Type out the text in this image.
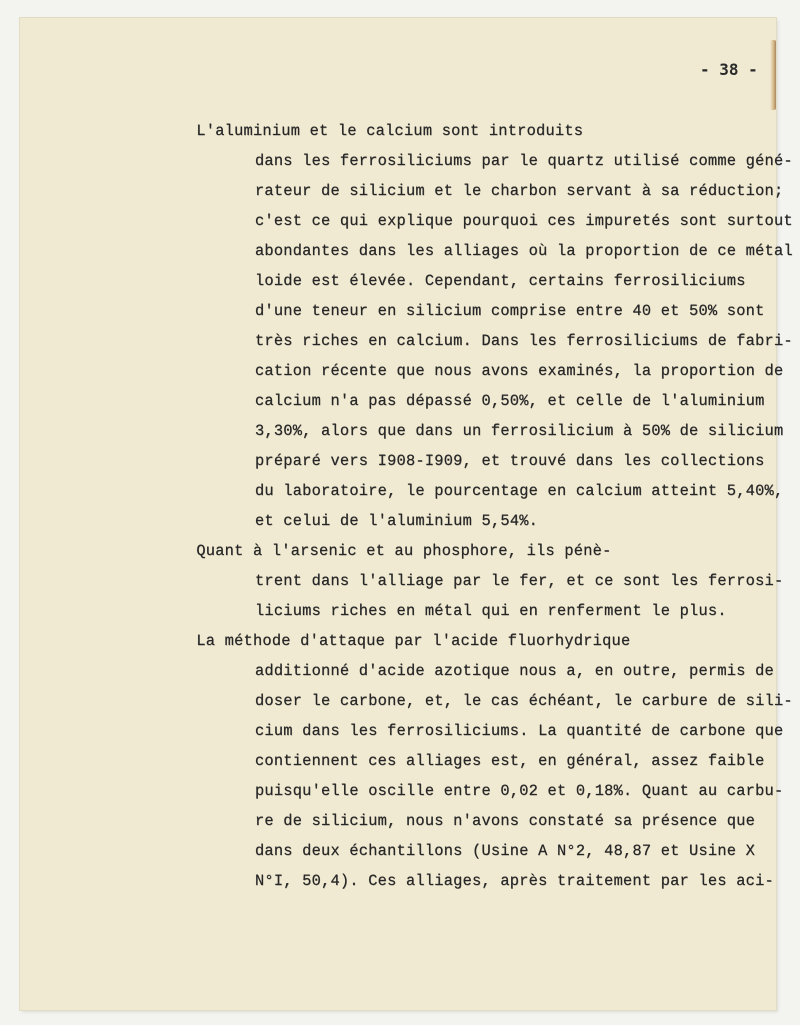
- 38 -
L'aluminium et le calcium sont introduits
dans les ferrosiliciums par le quartz utilisé comme géné-
rateur de silicium et le charbon servant à sa réduction;
c'est ce qui explique pourquoi ces impuretés sont surtout
abondantes dans les alliages où la proportion de ce métal
loide est élevée. Cependant, certains ferrosiliciums
d'une teneur en silicium comprise entre 40 et 50% sont
très riches en calcium. Dans les ferrosiliciums de fabri-
cation récente que nous avons examinés, la proportion de
calcium n'a pas dépassé 0,50%, et celle de l'aluminium
3,30%, alors que dans un ferrosilicium à 50% de silicium
préparé vers I908-I909, et trouvé dans les collections
du laboratoire, le pourcentage en calcium atteint 5,40%,
et celui de l'aluminium 5,54%.
Quant à l'arsenic et au phosphore, ils pénè-
trent dans l'alliage par le fer, et ce sont les ferrosi-
liciums riches en métal qui en renferment le plus.
La méthode d'attaque par l'acide fluorhydrique
additionné d'acide azotique nous a, en outre, permis de
doser le carbone, et, le cas échéant, le carbure de sili-
cium dans les ferrosiliciums. La quantité de carbone que
contiennent ces alliages est, en général, assez faible
puisqu'elle oscille entre 0,02 et 0,18%. Quant au carbu-
re de silicium, nous n'avons constaté sa présence que
dans deux échantillons (Usine A N°2, 48,87 et Usine X
N°I, 50,4). Ces alliages, après traitement par les aci-
